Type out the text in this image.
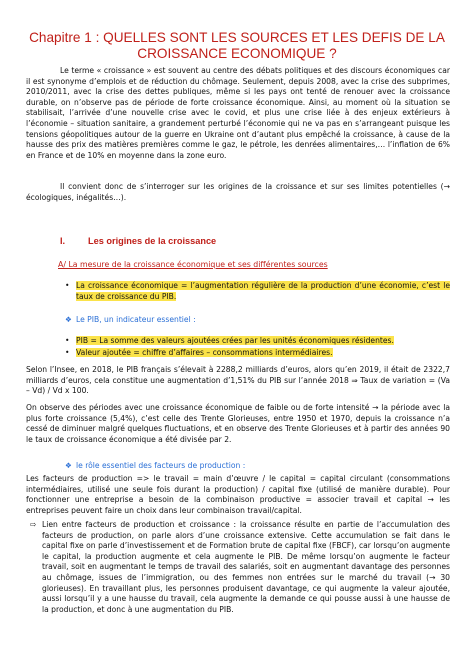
Chapitre 1 : QUELLES SONT LES SOURCES ET LES DEFIS DE LA
CROISSANCE ECONOMIQUE ?
Le terme « croissance » est souvent au centre des débats politiques et des discours économiques car il est synonyme d’emplois et de réduction du chômage. Seulement, depuis 2008, avec la crise des subprimes, 2010/2011, avec la crise des dettes publiques, même si les pays ont tenté de renouer avec la croissance durable, on n’observe pas de période de forte croissance économique. Ainsi, au moment où la situation se stabilisait, l’arrivée d’une nouvelle crise avec le covid, et plus une crise liée à des enjeux extérieurs à l’économie – situation sanitaire, a grandement perturbé l’économie qui ne va pas en s’arrangeant puisque les tensions géopolitiques autour de la guerre en Ukraine ont d’autant plus empêché la croissance, à cause de la hausse des prix des matières premières comme le gaz, le pétrole, les denrées alimentaires,… l’inflation de 6% en France et de 10% en moyenne dans la zone euro.
Il convient donc de s’interroger sur les origines de la croissance et sur ses limites potentielles (→ écologiques, inégalités…).
I. Les origines de la croissance
A/ La mesure de la croissance économique et ses différentes sources
• La croissance économique = l’augmentation régulière de la production d’une économie, c’est le taux de croissance du PIB.
❖ Le PIB, un indicateur essentiel :
• PIB = La somme des valeurs ajoutées crées par les unités économiques résidentes.
• Valeur ajoutée = chiffre d’affaires – consommations intermédiaires.
Selon l’Insee, en 2018, le PIB français s’élevait à 2288,2 milliards d’euros, alors qu’en 2019, il était de 2322,7 milliards d’euros, cela constitue une augmentation d’1,51% du PIB sur l’année 2018 ⇒ Taux de variation = (Va – Vd) / Vd x 100.
On observe des périodes avec une croissance économique de faible ou de forte intensité → la période avec la plus forte croissance (5,4%), c’est celle des Trente Glorieuses, entre 1950 et 1970, depuis la croissance n’a cessé de diminuer malgré quelques fluctuations, et en observe des Trente Glorieuses et à partir des années 90 le taux de croissance économique a été divisée par 2.
❖ le rôle essentiel des facteurs de production :
Les facteurs de production => le travail = main d’œuvre / le capital = capital circulant (consommations intermédiaires, utilisé une seule fois durant la production) / capital fixe (utilisé de manière durable). Pour fonctionner une entreprise a besoin de la combinaison productive = associer travail et capital → les entreprises peuvent faire un choix dans leur combinaison travail/capital.
⇨ Lien entre facteurs de production et croissance : la croissance résulte en partie de l’accumulation des facteurs de production, on parle alors d’une croissance extensive. Cette accumulation se fait dans le capital fixe on parle d’investissement et de Formation brute de capital fixe (FBCF), car lorsqu’on augmente le capital, la production augmente et cela augmente le PIB. De même lorsqu’on augmente le facteur travail, soit en augmentant le temps de travail des salariés, soit en augmentant davantage des personnes au chômage, issues de l’immigration, ou des femmes non entrées sur le marché du travail (→ 30 glorieuses). En travaillant plus, les personnes produisent davantage, ce qui augmente la valeur ajoutée, aussi lorsqu’il y a une hausse du travail, cela augmente la demande ce qui pousse aussi à une hausse de la production, et donc à une augmentation du PIB.
